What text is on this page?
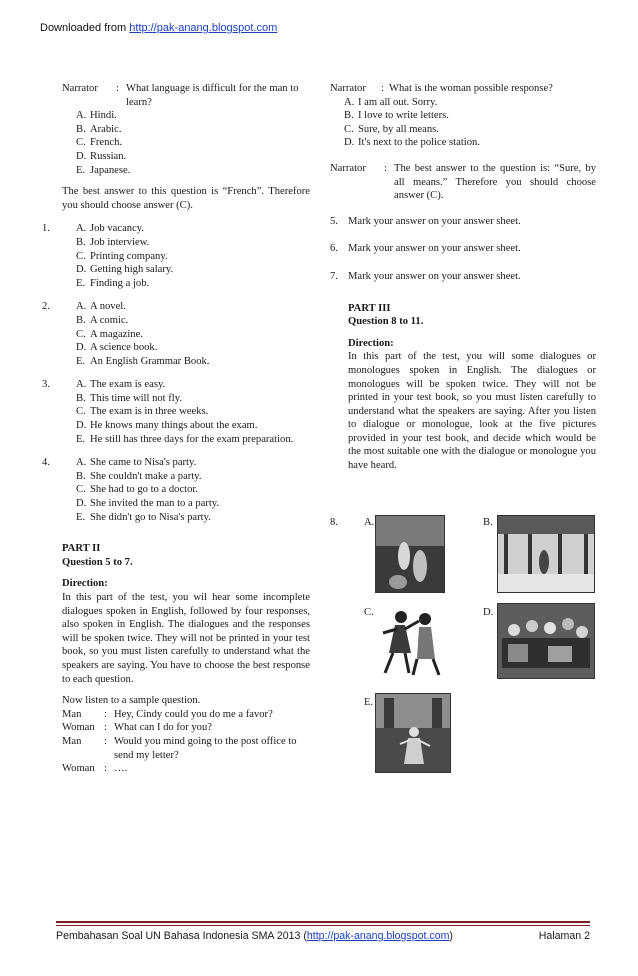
Downloaded from http://pak-anang.blogspot.com
Narrator	: What language is difficult for the man to learn?
A. Hindi.
B. Arabic.
C. French.
D. Russian.
E. Japanese.
The best answer to this question is “French”. Therefore you should choose answer (C).
1. A. Job vacancy.
B. Job interview.
C. Printing company.
D. Getting high salary.
E. Finding a job.
2. A. A novel.
B. A comic.
C. A magazine.
D. A science book.
E. An English Grammar Book.
3. A. The exam is easy.
B. This time will not fly.
C. The exam is in three weeks.
D. He knows many things about the exam.
E. He still has three days for the exam preparation.
4. A. She came to Nisa's party.
B. She couldn't make a party.
C. She had to go to a doctor.
D. She invited the man to a party.
E. She didn't go to Nisa's party.
PART II
Question 5 to 7.
Direction:
In this part of the test, you wil hear some incomplete dialogues spoken in English, followed by four responses, also spoken in English. The dialogues and the responses will be spoken twice. They will not be printed in your test book, so you must listen carefully to understand what the speakers are saying. You have to choose the best response to each question.
Now listen to a sample question.
Man	: Hey, Cindy could you do me a favor?
Woman : What can I do for you?
Man	: Would you mind going to the post office to send my letter?
Woman : ….
Narrator	: What is the woman possible response?
A. I am all out. Sorry.
B. I love to write letters.
C. Sure, by all means.
D. It's next to the police station.
Narrator	: The best answer to the question is: “Sure, by all means.” Therefore you should choose answer (C).
5. Mark your answer on your answer sheet.
6. Mark your answer on your answer sheet.
7. Mark your answer on your answer sheet.
PART III
Question 8 to 11.
Direction:
In this part of the test, you will some dialogues or monologues spoken in English. The dialogues or monologues will be spoken twice. They will not be printed in your test book, so you must listen carefully to understand what the speakers are saying. After you listen to dialogue or monologue, look at the five pictures provided in your test book, and decide which would be the most suitable one with the dialogue or monologue you have heard.
8. A.	B.
C.	D.
E.
Pembahasan Soal UN Bahasa Indonesia SMA 2013 (http://pak-anang.blogspot.com)	Halaman 2
